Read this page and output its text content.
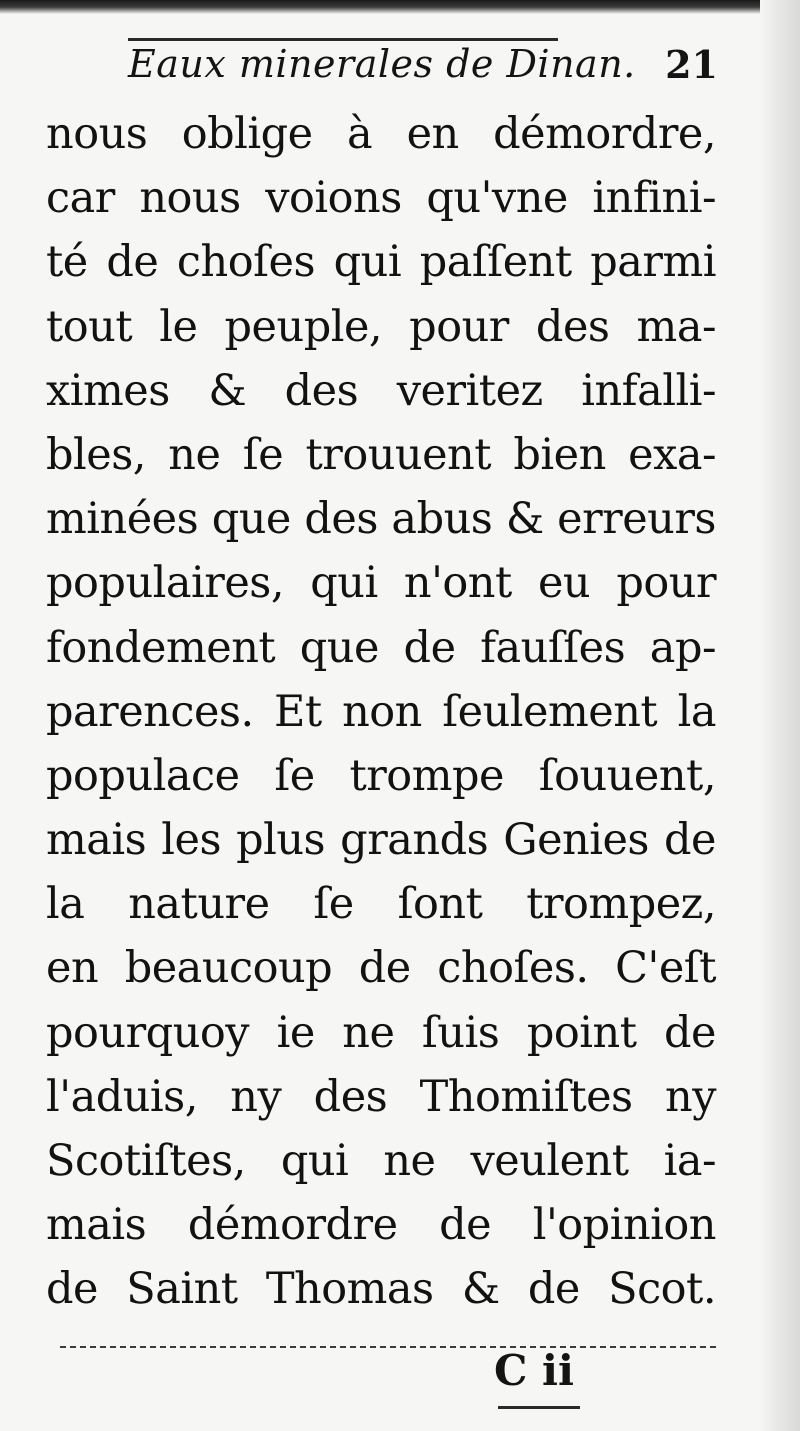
Eaux minerales de Dinan. 21
nous oblige à en démordre,
car nous voions qu'vne infini-
té de choſes qui paſſent parmi
tout le peuple, pour des ma-
ximes & des veritez infalli-
bles, ne ſe trouuent bien exa-
minées que des abus & erreurs
populaires, qui n'ont eu pour
fondement que de fauſſes ap-
parences. Et non ſeulement la
populace ſe trompe ſouuent,
mais les plus grands Genies de
la nature ſe ſont trompez,
en beaucoup de choſes. C'eſt
pourquoy ie ne ſuis point de
l'aduis, ny des Thomiſtes ny
Scotiſtes, qui ne veulent ia-
mais démordre de l'opinion
de Saint Thomas & de Scot.
C ii
